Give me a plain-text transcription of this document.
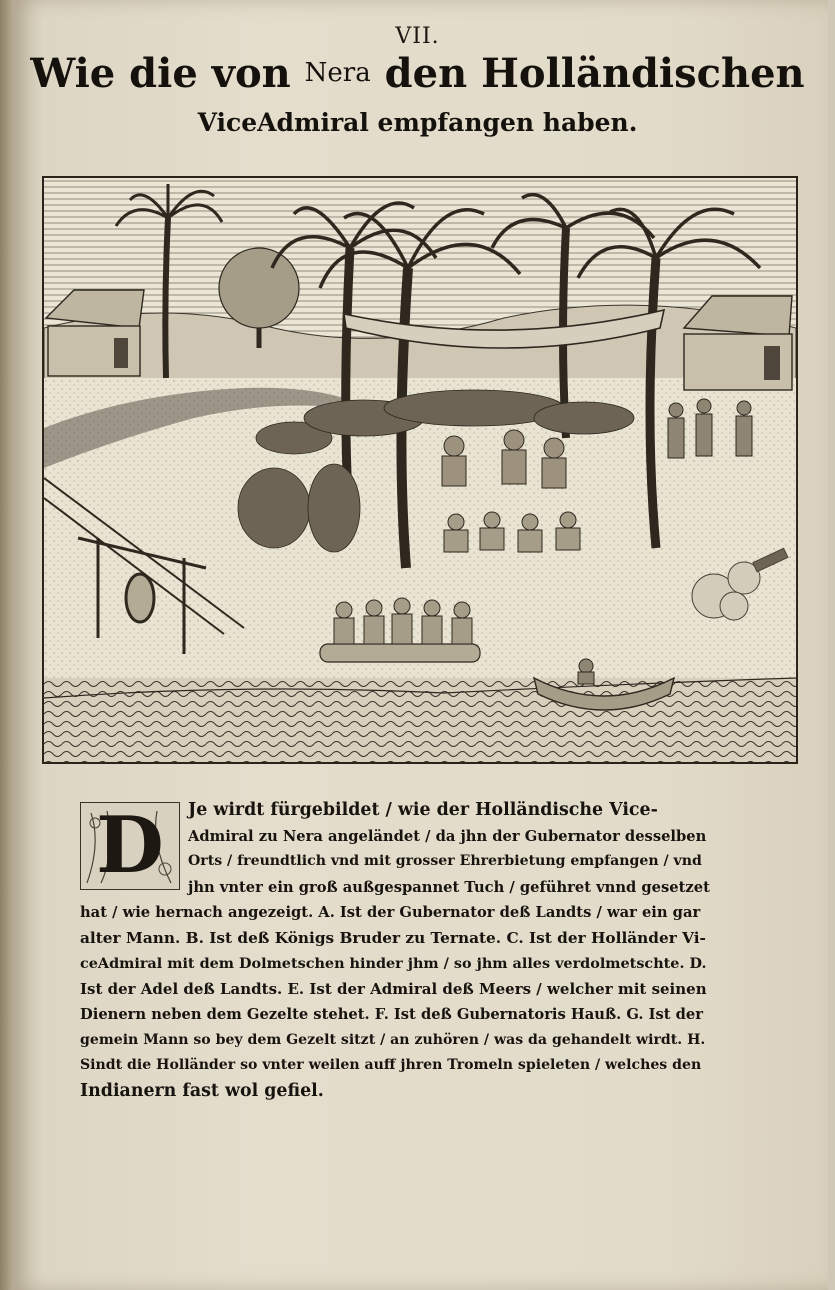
VII.
Wie die von Nera den Holländischen
ViceAdmiral empfangen haben.
D	Je wirdt fürgebildet / wie der Holländische Vice-
Admiral zu Nera angeländet / da jhn der Gubernator desselben
Orts / freundtlich vnd mit grosser Ehrerbietung empfangen / vnd
jhn vnter ein groß außgespannet Tuch / geführet vnnd gesetzet
hat / wie hernach angezeigt. A. Ist der Gubernator deß Landts / war ein gar
alter Mann. B. Ist deß Königs Bruder zu Ternate. C. Ist der Holländer Vi-
ceAdmiral mit dem Dolmetschen hinder jhm / so jhm alles verdolmetschte. D.
Ist der Adel deß Landts. E. Ist der Admiral deß Meers / welcher mit seinen
Dienern neben dem Gezelte stehet. F. Ist deß Gubernatoris Hauß. G. Ist der
gemein Mann so bey dem Gezelt sitzt / an zuhören / was da gehandelt wirdt. H.
Sindt die Holländer so vnter weilen auff jhren Tromeln spieleten / welches den
Indianern fast wol gefiel.
